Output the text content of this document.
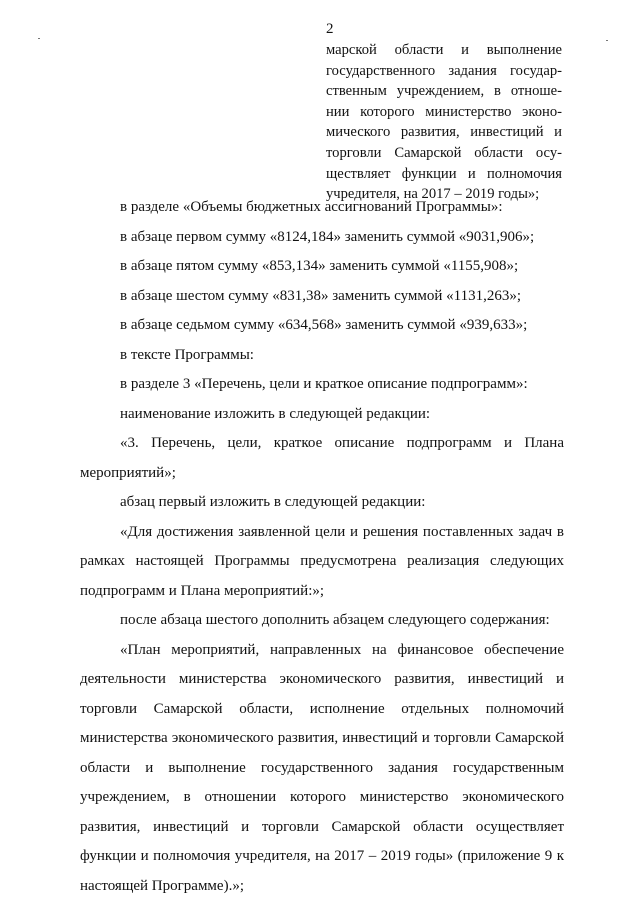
2
марской области и выполнение
государственного задания государ-
ственным учреждением, в отноше-
нии которого министерство эконо-
мического развития, инвестиций и
торговли Самарской области осу-
ществляет функции и полномочия
учредителя, на 2017 – 2019 годы»;
в разделе «Объемы бюджетных ассигнований Программы»:
в абзаце первом сумму «8124,184» заменить суммой «9031,906»;
в абзаце пятом сумму «853,134» заменить суммой «1155,908»;
в абзаце шестом сумму «831,38» заменить суммой «1131,263»;
в абзаце седьмом сумму «634,568» заменить суммой «939,633»;
в тексте Программы:
в разделе 3 «Перечень, цели и краткое описание подпрограмм»:
наименование изложить в следующей редакции:
«3. Перечень, цели, краткое описание подпрограмм и Плана
мероприятий»;
абзац первый изложить в следующей редакции:
«Для достижения заявленной цели и решения поставленных задач в
рамках настоящей Программы предусмотрена реализация следующих
подпрограмм и Плана мероприятий:»;
после абзаца шестого дополнить абзацем следующего содержания:
«План мероприятий, направленных на финансовое обеспечение
деятельности министерства экономического развития, инвестиций и
торговли Самарской области, исполнение отдельных полномочий
министерства экономического развития, инвестиций и торговли Самарской
области и выполнение государственного задания государственным
учреждением, в отношении которого министерство экономического
развития, инвестиций и торговли Самарской области осуществляет
функции и полномочия учредителя, на 2017 – 2019 годы» (приложение 9 к
настоящей Программе).»;
